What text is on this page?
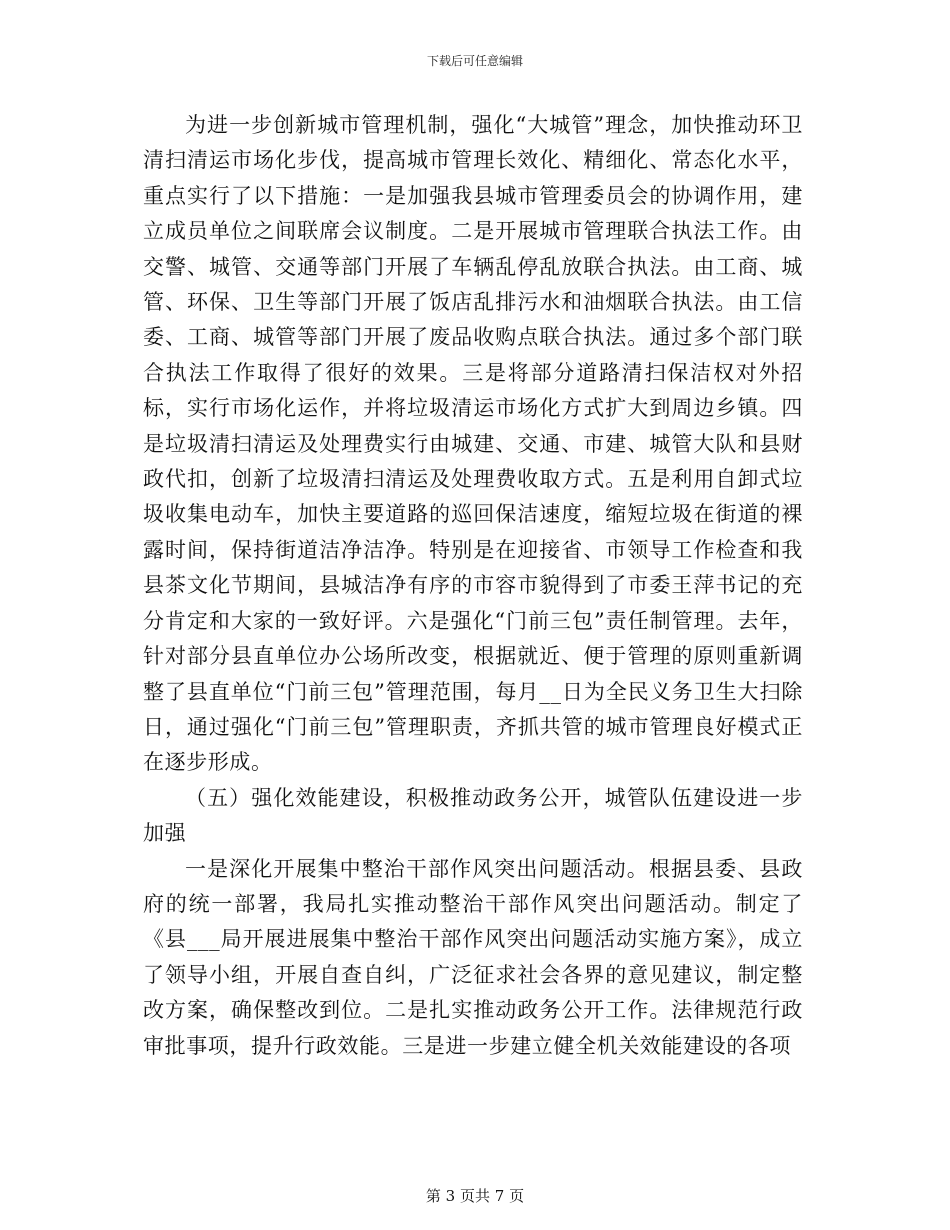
下载后可任意编辑

为进一步创新城市管理机制，强化“大城管”理念，加快推动环卫清扫清运市场化步伐，提高城市管理长效化、精细化、常态化水平，重点实行了以下措施：一是加强我县城市管理委员会的协调作用，建立成员单位之间联席会议制度。二是开展城市管理联合执法工作。由交警、城管、交通等部门开展了车辆乱停乱放联合执法。由工商、城管、环保、卫生等部门开展了饭店乱排污水和油烟联合执法。由工信委、工商、城管等部门开展了废品收购点联合执法。通过多个部门联合执法工作取得了很好的效果。三是将部分道路清扫保洁权对外招标，实行市场化运作，并将垃圾清运市场化方式扩大到周边乡镇。四是垃圾清扫清运及处理费实行由城建、交通、市建、城管大队和县财政代扣，创新了垃圾清扫清运及处理费收取方式。五是利用自卸式垃圾收集电动车，加快主要道路的巡回保洁速度，缩短垃圾在街道的裸露时间，保持街道洁净洁净。特别是在迎接省、市领导工作检查和我县茶文化节期间，县城洁净有序的市容市貌得到了市委王萍书记的充分肯定和大家的一致好评。六是强化“门前三包”责任制管理。去年，针对部分县直单位办公场所改变，根据就近、便于管理的原则重新调整了县直单位“门前三包”管理范围，每月__日为全民义务卫生大扫除日，通过强化“门前三包”管理职责，齐抓共管的城市管理良好模式正在逐步形成。

（五）强化效能建设，积极推动政务公开，城管队伍建设进一步加强

一是深化开展集中整治干部作风突出问题活动。根据县委、县政府的统一部署，我局扎实推动整治干部作风突出问题活动。制定了《县___局开展进展集中整治干部作风突出问题活动实施方案》，成立了领导小组，开展自查自纠，广泛征求社会各界的意见建议，制定整改方案，确保整改到位。二是扎实推动政务公开工作。法律规范行政审批事项，提升行政效能。三是进一步建立健全机关效能建设的各项

第 3 页共 7 页
